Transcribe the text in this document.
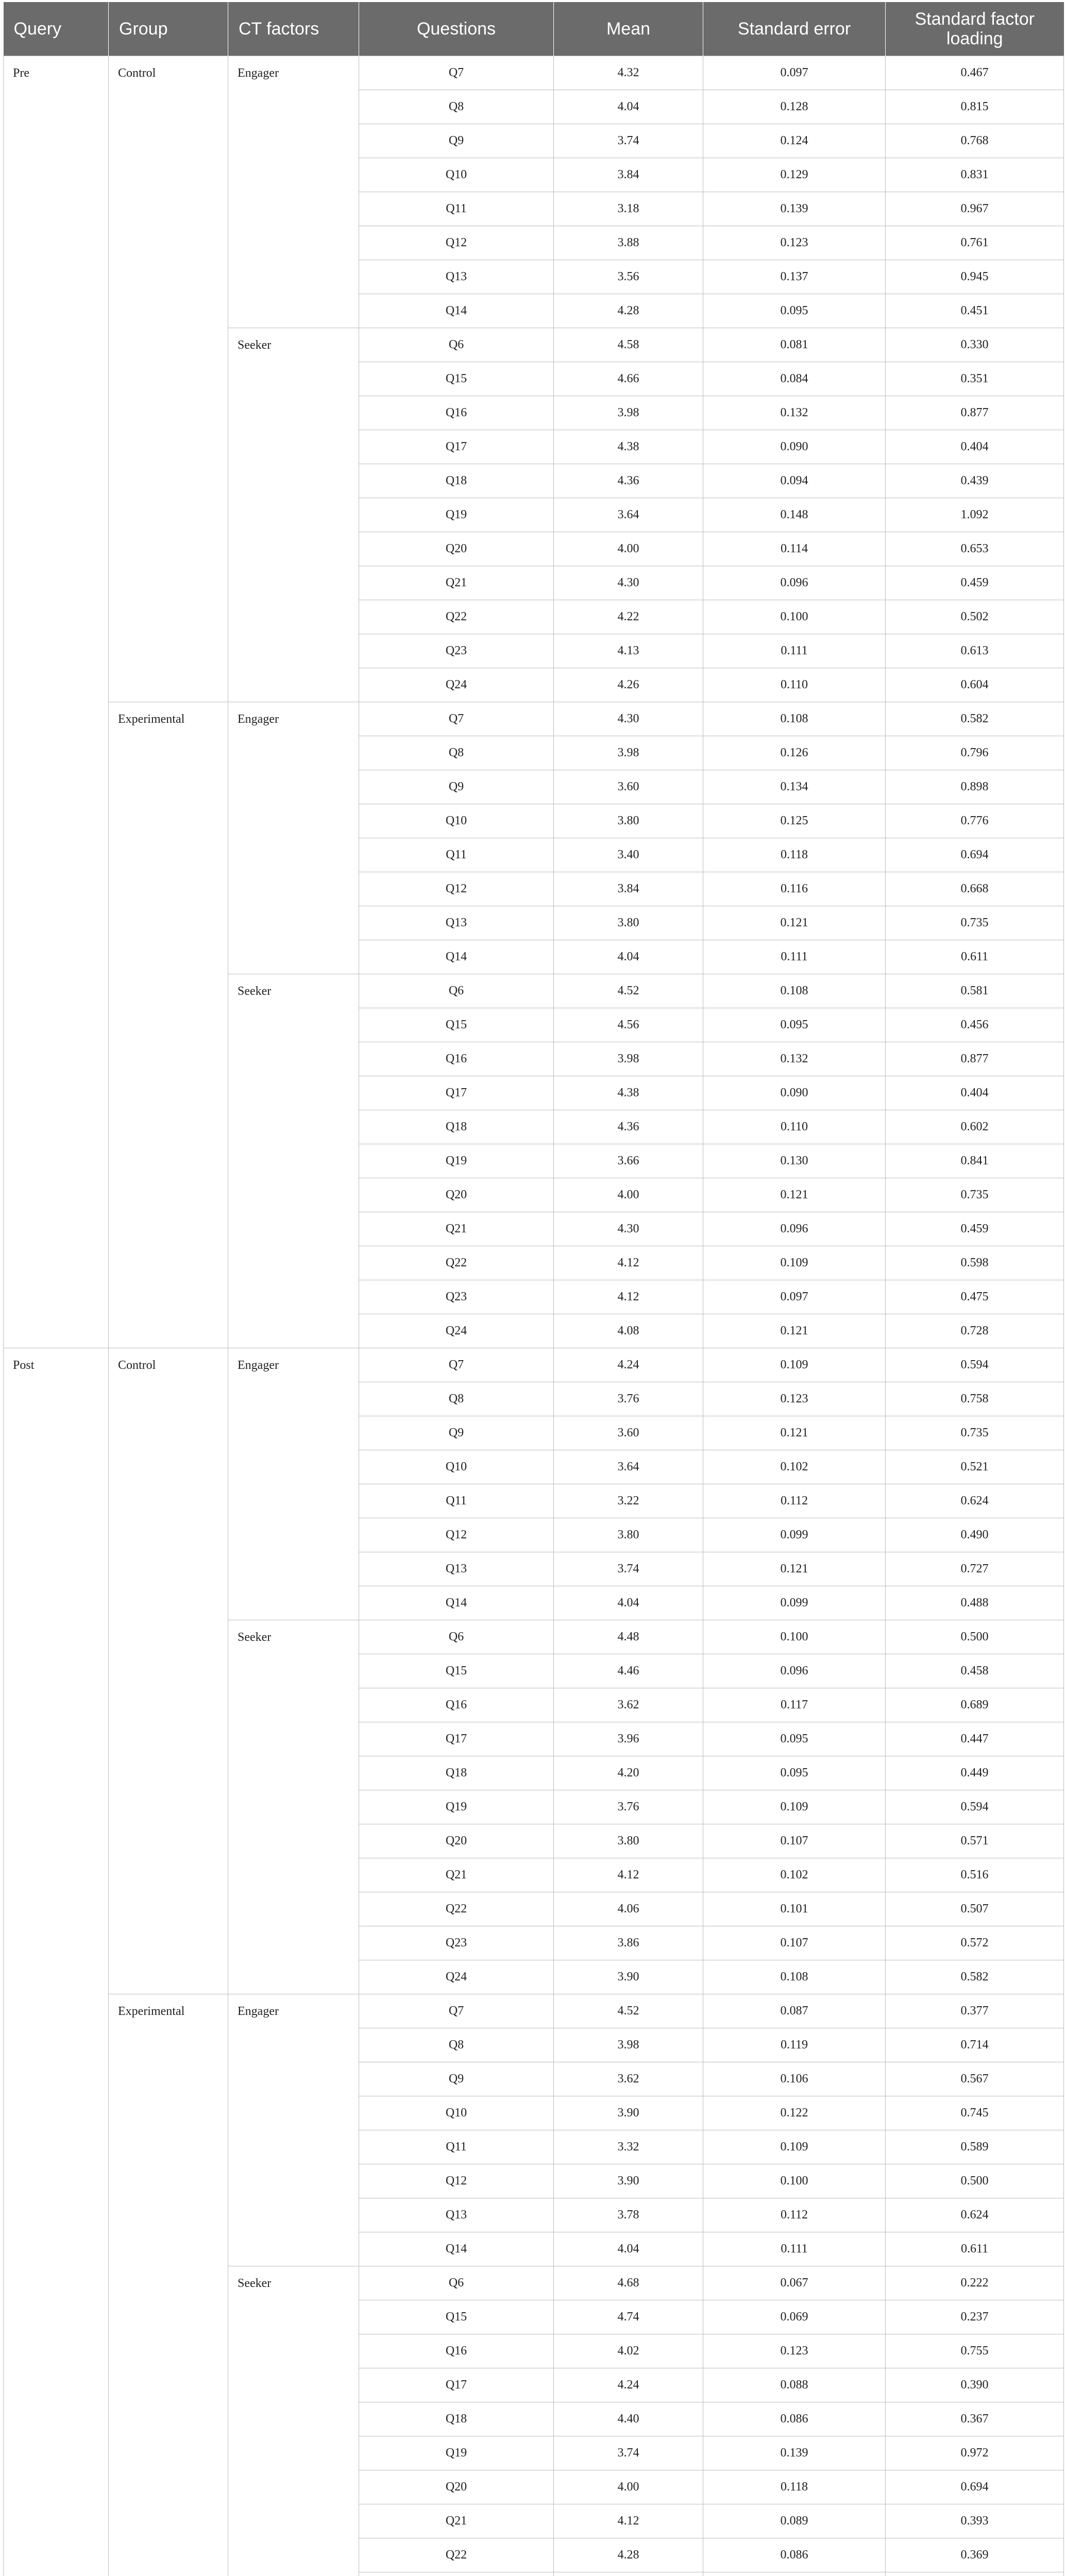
Query	Group	CT factors	Questions	Mean	Standard error	Standard factor loading
Pre	Control	Engager	Q7	4.32	0.097	0.467
			Q8	4.04	0.128	0.815
			Q9	3.74	0.124	0.768
			Q10	3.84	0.129	0.831
			Q11	3.18	0.139	0.967
			Q12	3.88	0.123	0.761
			Q13	3.56	0.137	0.945
			Q14	4.28	0.095	0.451
		Seeker	Q6	4.58	0.081	0.330
			Q15	4.66	0.084	0.351
			Q16	3.98	0.132	0.877
			Q17	4.38	0.090	0.404
			Q18	4.36	0.094	0.439
			Q19	3.64	0.148	1.092
			Q20	4.00	0.114	0.653
			Q21	4.30	0.096	0.459
			Q22	4.22	0.100	0.502
			Q23	4.13	0.111	0.613
			Q24	4.26	0.110	0.604
	Experimental	Engager	Q7	4.30	0.108	0.582
			Q8	3.98	0.126	0.796
			Q9	3.60	0.134	0.898
			Q10	3.80	0.125	0.776
			Q11	3.40	0.118	0.694
			Q12	3.84	0.116	0.668
			Q13	3.80	0.121	0.735
			Q14	4.04	0.111	0.611
		Seeker	Q6	4.52	0.108	0.581
			Q15	4.56	0.095	0.456
			Q16	3.98	0.132	0.877
			Q17	4.38	0.090	0.404
			Q18	4.36	0.110	0.602
			Q19	3.66	0.130	0.841
			Q20	4.00	0.121	0.735
			Q21	4.30	0.096	0.459
			Q22	4.12	0.109	0.598
			Q23	4.12	0.097	0.475
			Q24	4.08	0.121	0.728
Post	Control	Engager	Q7	4.24	0.109	0.594
			Q8	3.76	0.123	0.758
			Q9	3.60	0.121	0.735
			Q10	3.64	0.102	0.521
			Q11	3.22	0.112	0.624
			Q12	3.80	0.099	0.490
			Q13	3.74	0.121	0.727
			Q14	4.04	0.099	0.488
		Seeker	Q6	4.48	0.100	0.500
			Q15	4.46	0.096	0.458
			Q16	3.62	0.117	0.689
			Q17	3.96	0.095	0.447
			Q18	4.20	0.095	0.449
			Q19	3.76	0.109	0.594
			Q20	3.80	0.107	0.571
			Q21	4.12	0.102	0.516
			Q22	4.06	0.101	0.507
			Q23	3.86	0.107	0.572
			Q24	3.90	0.108	0.582
	Experimental	Engager	Q7	4.52	0.087	0.377
			Q8	3.98	0.119	0.714
			Q9	3.62	0.106	0.567
			Q10	3.90	0.122	0.745
			Q11	3.32	0.109	0.589
			Q12	3.90	0.100	0.500
			Q13	3.78	0.112	0.624
			Q14	4.04	0.111	0.611
		Seeker	Q6	4.68	0.067	0.222
			Q15	4.74	0.069	0.237
			Q16	4.02	0.123	0.755
			Q17	4.24	0.088	0.390
			Q18	4.40	0.086	0.367
			Q19	3.74	0.139	0.972
			Q20	4.00	0.118	0.694
			Q21	4.12	0.089	0.393
			Q22	4.28	0.086	0.369
